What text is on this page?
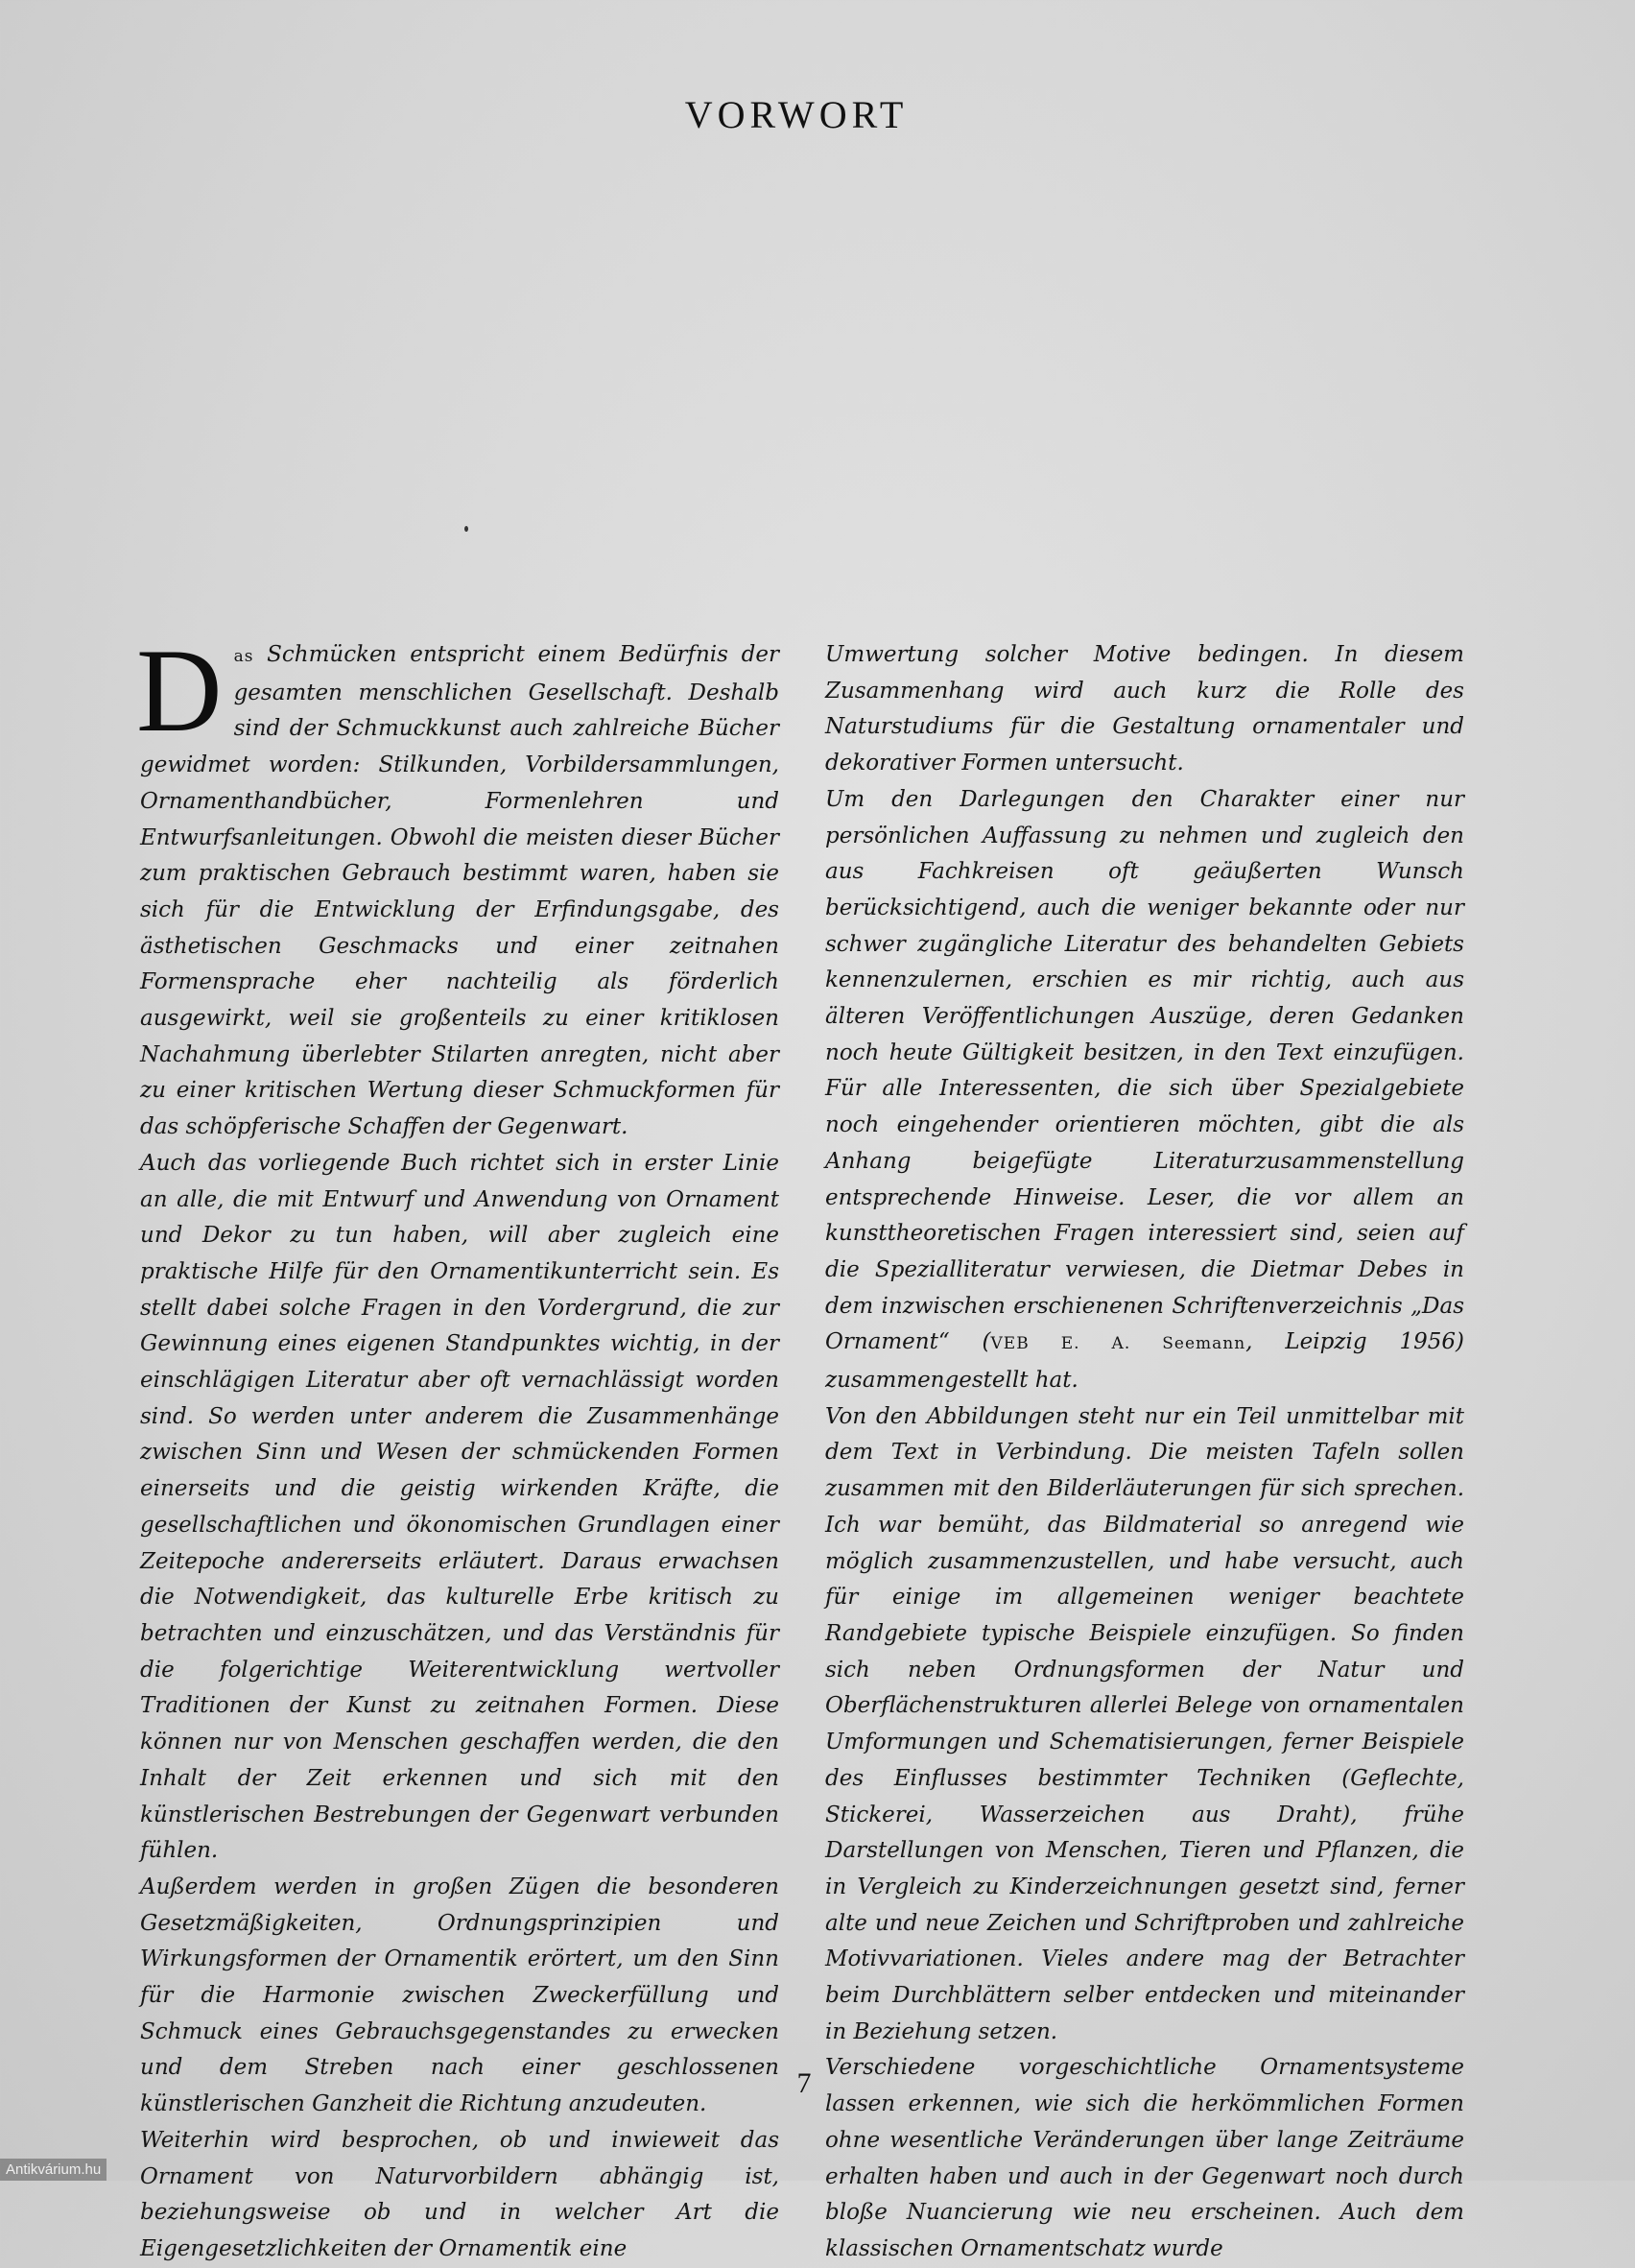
VORWORT

Das Schmücken entspricht einem Bedürfnis der gesamten menschlichen Gesellschaft. Deshalb sind der Schmuckkunst auch zahlreiche Bücher gewidmet worden: Stilkunden, Vorbildersammlungen, Ornamenthandbücher, Formenlehren und Entwurfsanleitungen. Obwohl die meisten dieser Bücher zum praktischen Gebrauch bestimmt waren, haben sie sich für die Entwicklung der Erfindungsgabe, des ästhetischen Geschmacks und einer zeitnahen Formensprache eher nachteilig als förderlich ausgewirkt, weil sie großenteils zu einer kritiklosen Nachahmung überlebter Stilarten anregten, nicht aber zu einer kritischen Wertung dieser Schmuckformen für das schöpferische Schaffen der Gegenwart.

Auch das vorliegende Buch richtet sich in erster Linie an alle, die mit Entwurf und Anwendung von Ornament und Dekor zu tun haben, will aber zugleich eine praktische Hilfe für den Ornamentikunterricht sein. Es stellt dabei solche Fragen in den Vordergrund, die zur Gewinnung eines eigenen Standpunktes wichtig, in der einschlägigen Literatur aber oft vernachlässigt worden sind. So werden unter anderem die Zusammenhänge zwischen Sinn und Wesen der schmückenden Formen einerseits und die geistig wirkenden Kräfte, die gesellschaftlichen und ökonomischen Grundlagen einer Zeitepoche andererseits erläutert. Daraus erwachsen die Notwendigkeit, das kulturelle Erbe kritisch zu betrachten und einzuschätzen, und das Verständnis für die folgerichtige Weiterentwicklung wertvoller Traditionen der Kunst zu zeitnahen Formen. Diese können nur von Menschen geschaffen werden, die den Inhalt der Zeit erkennen und sich mit den künstlerischen Bestrebungen der Gegenwart verbunden fühlen.

Außerdem werden in großen Zügen die besonderen Gesetzmäßigkeiten, Ordnungsprinzipien und Wirkungsformen der Ornamentik erörtert, um den Sinn für die Harmonie zwischen Zweckerfüllung und Schmuck eines Gebrauchsgegenstandes zu erwecken und dem Streben nach einer geschlossenen künstlerischen Ganzheit die Richtung anzudeuten.

Weiterhin wird besprochen, ob und inwieweit das Ornament von Naturvorbildern abhängig ist, beziehungsweise ob und in welcher Art die Eigengesetzlichkeiten der Ornamentik eine

Umwertung solcher Motive bedingen. In diesem Zusammenhang wird auch kurz die Rolle des Naturstudiums für die Gestaltung ornamentaler und dekorativer Formen untersucht.

Um den Darlegungen den Charakter einer nur persönlichen Auffassung zu nehmen und zugleich den aus Fachkreisen oft geäußerten Wunsch berücksichtigend, auch die weniger bekannte oder nur schwer zugängliche Literatur des behandelten Gebiets kennenzulernen, erschien es mir richtig, auch aus älteren Veröffentlichungen Auszüge, deren Gedanken noch heute Gültigkeit besitzen, in den Text einzufügen. Für alle Interessenten, die sich über Spezialgebiete noch eingehender orientieren möchten, gibt die als Anhang beigefügte Literaturzusammenstellung entsprechende Hinweise. Leser, die vor allem an kunsttheoretischen Fragen interessiert sind, seien auf die Spezialliteratur verwiesen, die Dietmar Debes in dem inzwischen erschienenen Schriftenverzeichnis „Das Ornament“ (VEB E. A. Seemann, Leipzig 1956) zusammengestellt hat.

Von den Abbildungen steht nur ein Teil unmittelbar mit dem Text in Verbindung. Die meisten Tafeln sollen zusammen mit den Bilderläuterungen für sich sprechen. Ich war bemüht, das Bildmaterial so anregend wie möglich zusammenzustellen, und habe versucht, auch für einige im allgemeinen weniger beachtete Randgebiete typische Beispiele einzufügen. So finden sich neben Ordnungsformen der Natur und Oberflächenstrukturen allerlei Belege von ornamentalen Umformungen und Schematisierungen, ferner Beispiele des Einflusses bestimmter Techniken (Geflechte, Stickerei, Wasserzeichen aus Draht), frühe Darstellungen von Menschen, Tieren und Pflanzen, die in Vergleich zu Kinderzeichnungen gesetzt sind, ferner alte und neue Zeichen und Schriftproben und zahlreiche Motivvariationen. Vieles andere mag der Betrachter beim Durchblättern selber entdecken und miteinander in Beziehung setzen.

Verschiedene vorgeschichtliche Ornamentsysteme lassen erkennen, wie sich die herkömmlichen Formen ohne wesentliche Veränderungen über lange Zeiträume erhalten haben und auch in der Gegenwart noch durch bloße Nuancierung wie neu erscheinen. Auch dem klassischen Ornamentschatz wurde

7
Antikvárium.hu
